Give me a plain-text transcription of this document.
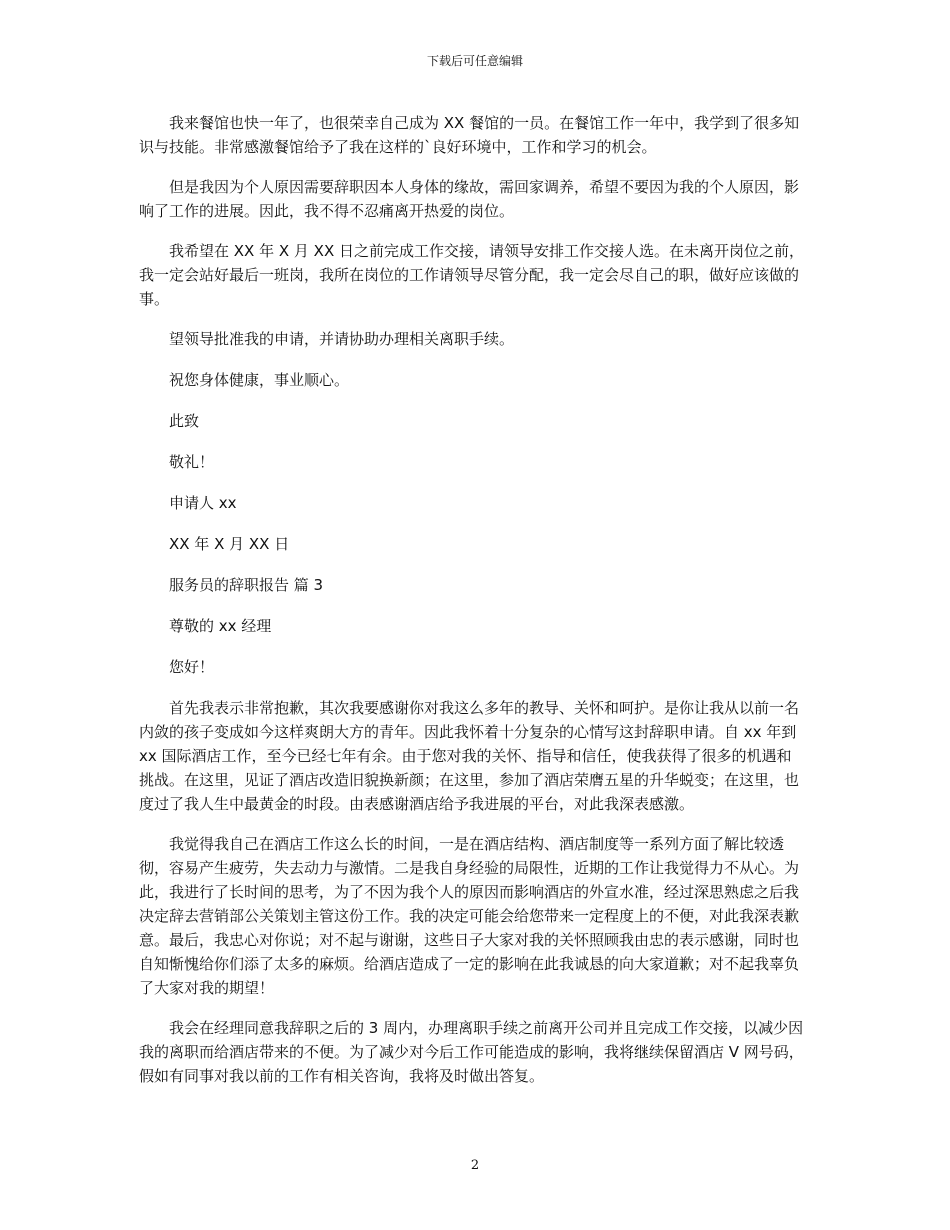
下载后可任意编辑

我来餐馆也快一年了，也很荣幸自己成为 XX 餐馆的一员。在餐馆工作一年中，我学到了很多知识与技能。非常感激餐馆给予了我在这样的`良好环境中，工作和学习的机会。

但是我因为个人原因需要辞职因本人身体的缘故，需回家调养，希望不要因为我的个人原因，影响了工作的进展。因此，我不得不忍痛离开热爱的岗位。

我希望在 XX 年 X 月 XX 日之前完成工作交接，请领导安排工作交接人选。在未离开岗位之前，我一定会站好最后一班岗，我所在岗位的工作请领导尽管分配，我一定会尽自己的职，做好应该做的事。

望领导批准我的申请，并请协助办理相关离职手续。

祝您身体健康，事业顺心。

此致

敬礼！

申请人 xx

XX 年 X 月 XX 日

服务员的辞职报告 篇 3

尊敬的 xx 经理

您好！

首先我表示非常抱歉，其次我要感谢你对我这么多年的教导、关怀和呵护。是你让我从以前一名内敛的孩子变成如今这样爽朗大方的青年。因此我怀着十分复杂的心情写这封辞职申请。自 xx 年到 xx 国际酒店工作，至今已经七年有余。由于您对我的关怀、指导和信任，使我获得了很多的机遇和挑战。在这里，见证了酒店改造旧貌换新颜；在这里，参加了酒店荣膺五星的升华蜕变；在这里，也度过了我人生中最黄金的时段。由表感谢酒店给予我进展的平台，对此我深表感激。

我觉得我自己在酒店工作这么长的时间，一是在酒店结构、酒店制度等一系列方面了解比较透彻，容易产生疲劳，失去动力与激情。二是我自身经验的局限性，近期的工作让我觉得力不从心。为此，我进行了长时间的思考，为了不因为我个人的原因而影响酒店的外宣水准，经过深思熟虑之后我决定辞去营销部公关策划主管这份工作。我的决定可能会给您带来一定程度上的不便，对此我深表歉意。最后，我忠心对你说；对不起与谢谢，这些日子大家对我的关怀照顾我由忠的表示感谢，同时也自知惭愧给你们添了太多的麻烦。给酒店造成了一定的影响在此我诚恳的向大家道歉；对不起我辜负了大家对我的期望！

我会在经理同意我辞职之后的 3 周内，办理离职手续之前离开公司并且完成工作交接，以减少因我的离职而给酒店带来的不便。为了减少对今后工作可能造成的影响，我将继续保留酒店 V 网号码，假如有同事对我以前的工作有相关咨询，我将及时做出答复。

2
